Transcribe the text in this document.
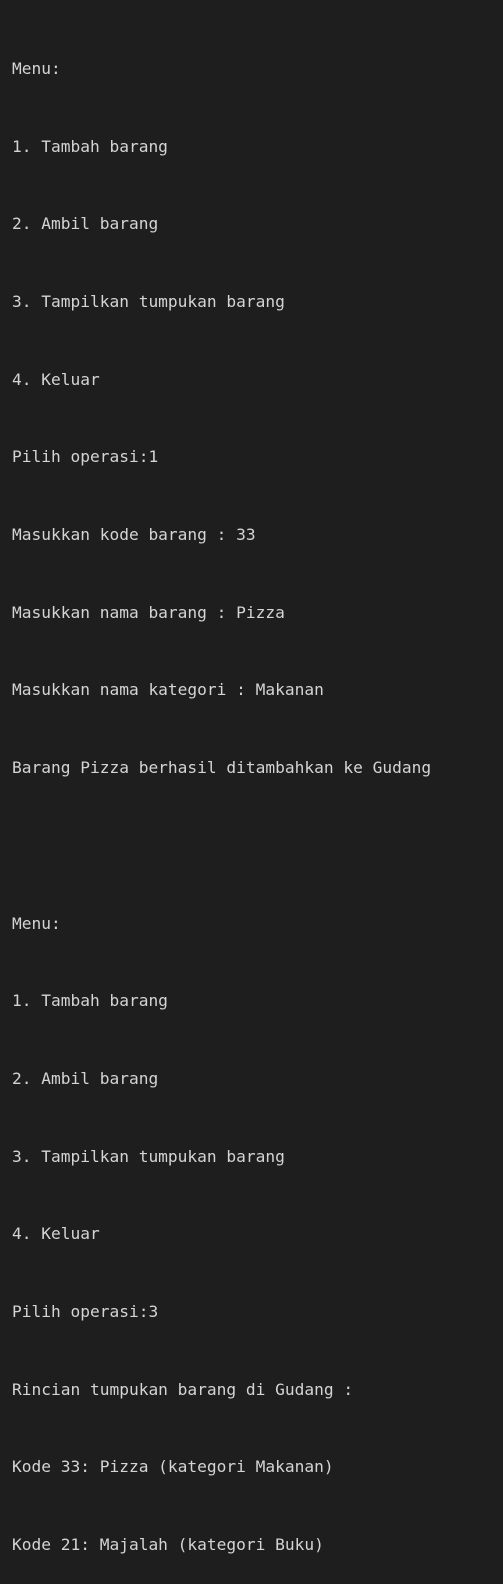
Menu:

1. Tambah barang

2. Ambil barang

3. Tampilkan tumpukan barang

4. Keluar

Pilih operasi:1

Masukkan kode barang : 33

Masukkan nama barang : Pizza

Masukkan nama kategori : Makanan

Barang Pizza berhasil ditambahkan ke Gudang

Menu:

1. Tambah barang

2. Ambil barang

3. Tampilkan tumpukan barang

4. Keluar

Pilih operasi:3

Rincian tumpukan barang di Gudang :

Kode 33: Pizza (kategori Makanan)

Kode 21: Majalah (kategori Buku)
